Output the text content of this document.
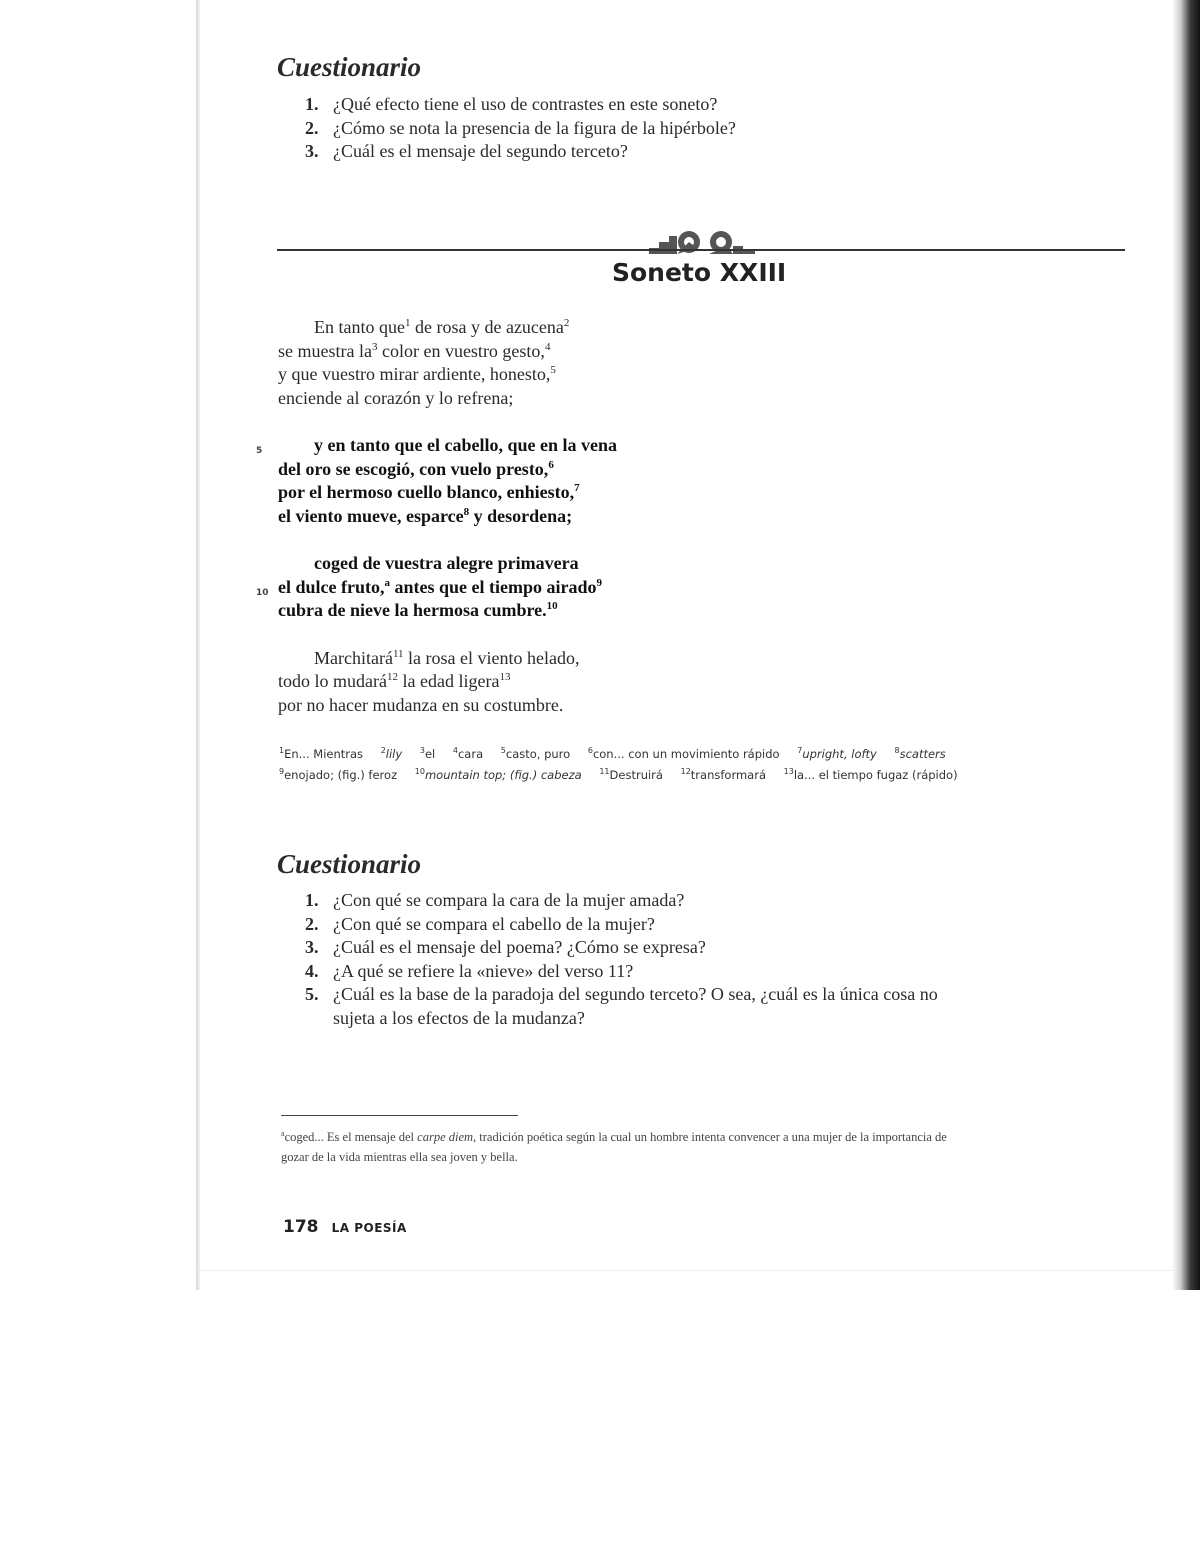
Cuestionario
1. ¿Qué efecto tiene el uso de contrastes en este soneto?
2. ¿Cómo se nota la presencia de la figura de la hipérbole?
3. ¿Cuál es el mensaje del segundo terceto?
Soneto XXIII
En tanto que$^1$ de rosa y de azucena$^2$
se muestra $la^3$ color en vuestro gesto,$^4$
y que vuestro mirar ardiente, honesto,$^5$
enciende al corazón y lo refrena;
5	y en tanto que el cabello, que en la vena
del oro se escogió, con vuelo presto,$^6$
por el hermoso cuello blanco, enhiesto,$^7$
el viento mueve, esparce$^8$ y desordena;
coged de vuestra alegre primavera
10 el dulce fruto,$^a$ antes que el tiempo airado$^9$
cubra de nieve la hermosa cumbre.$^{10}$
Marchitará$^{11}$ la rosa el viento helado,
todo lo mudará$^{12}$ la edad ligera$^{13}$
por no hacer mudanza en su costumbre.
$^1$En... Mientras $^2$lily $^3$el $^4$cara $^5$casto, puro $^6$con... con un movimiento rápido $^7$upright, lofty $^8$scatters $^9$enojado; (fig.) feroz $^{10}$mountain top; (fig.) cabeza $^{11}$Destruirá $^{12}$transformará $^{13}$la... el tiempo fugaz (rápido)
Cuestionario
1. ¿Con qué se compara la cara de la mujer amada?
2. ¿Con qué se compara el cabello de la mujer?
3. ¿Cuál es el mensaje del poema? ¿Cómo se expresa?
4. ¿A qué se refiere la «nieve» del verso 11?
5. ¿Cuál es la base de la paradoja del segundo terceto? O sea, ¿cuál es la única cosa no sujeta a los efectos de la mudanza?
$^a$coged... Es el mensaje del carpe diem, tradición poética según la cual un hombre intenta convencer a una mujer de la importancia de gozar de la vida mientras ella sea joven y bella.
178 LA POESÍA
